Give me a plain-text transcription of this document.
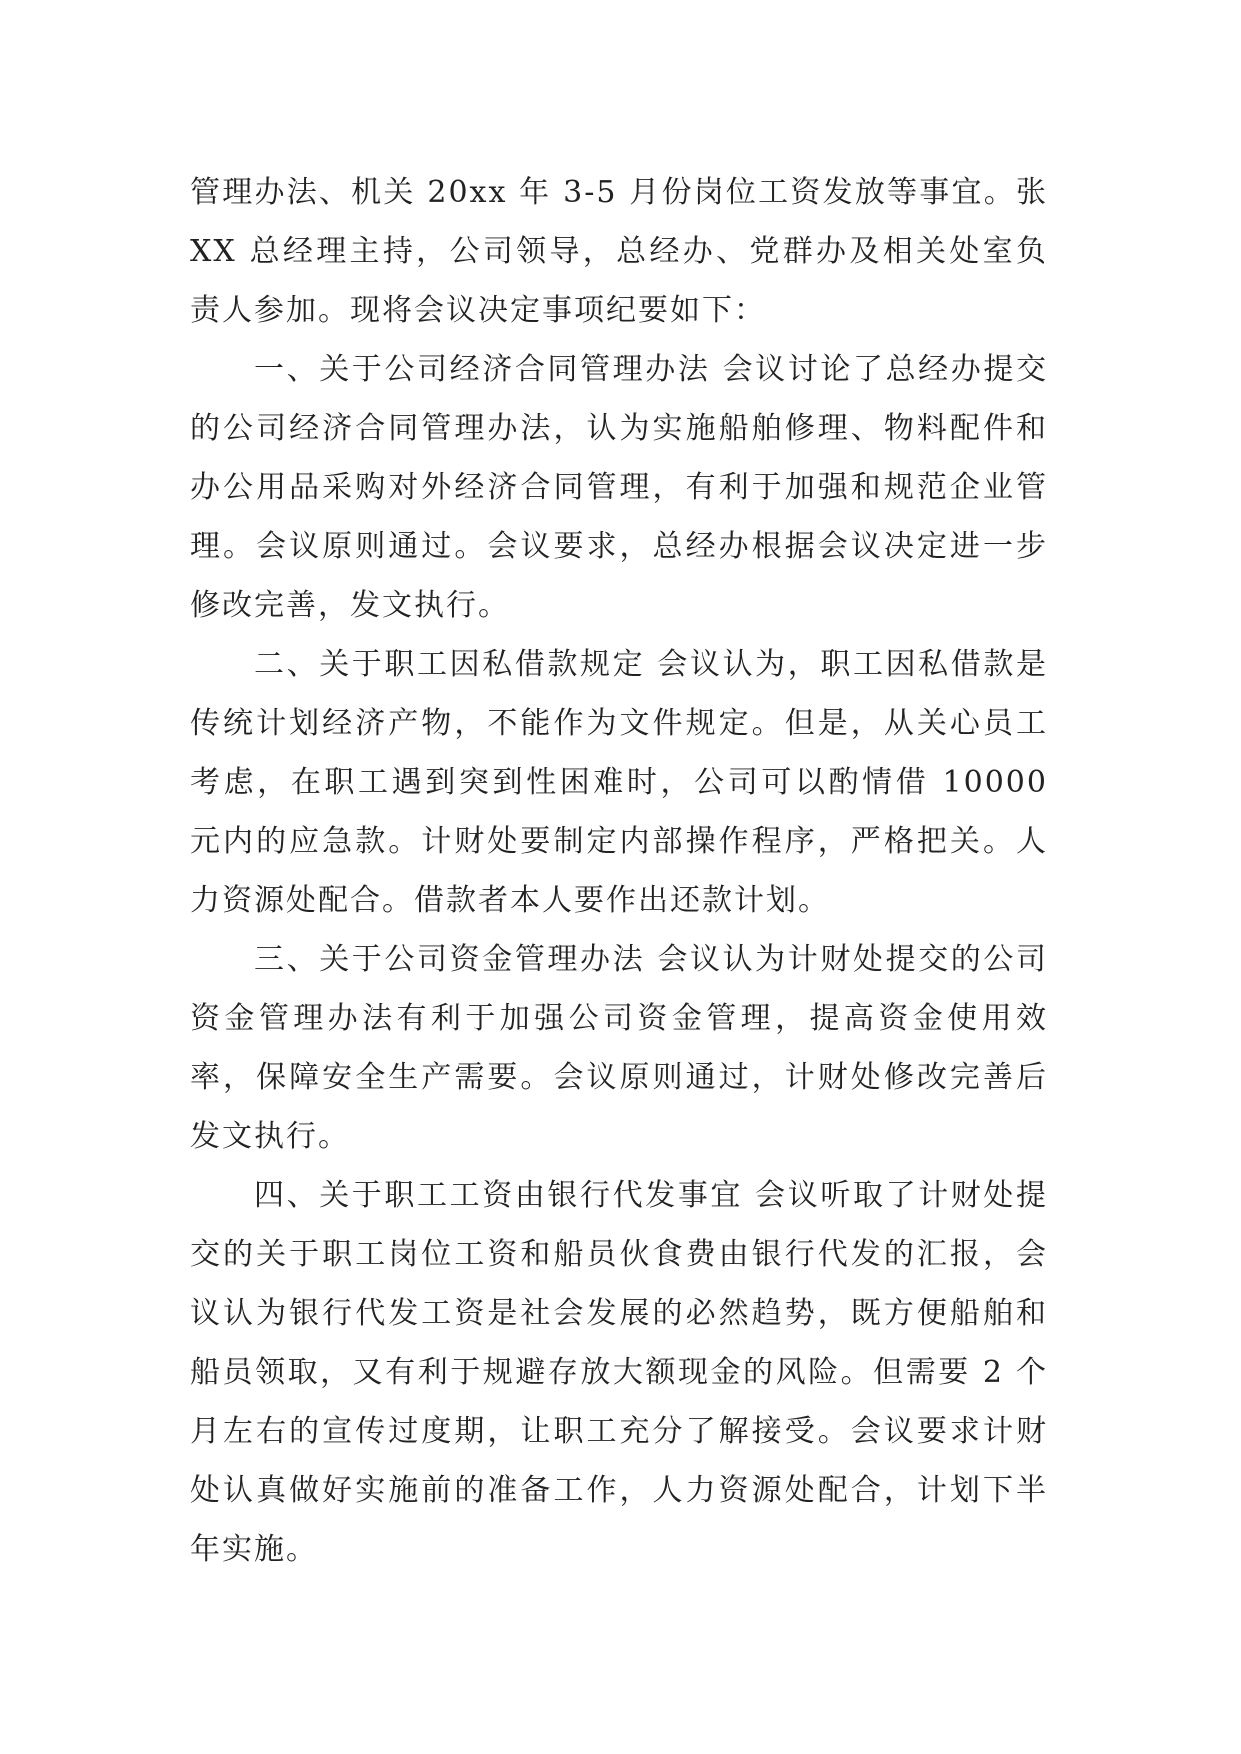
管理办法、机关 20xx 年 3-5 月份岗位工资发放等事宜。张 XX 总经理主持，公司领导，总经办、党群办及相关处室负责人参加。现将会议决定事项纪要如下：

一、关于公司经济合同管理办法 会议讨论了总经办提交的公司经济合同管理办法，认为实施船舶修理、物料配件和办公用品采购对外经济合同管理，有利于加强和规范企业管理。会议原则通过。会议要求，总经办根据会议决定进一步修改完善，发文执行。

二、关于职工因私借款规定 会议认为，职工因私借款是传统计划经济产物，不能作为文件规定。但是，从关心员工考虑，在职工遇到突到性困难时，公司可以酌情借 10000 元内的应急款。计财处要制定内部操作程序，严格把关。人力资源处配合。借款者本人要作出还款计划。

三、关于公司资金管理办法 会议认为计财处提交的公司资金管理办法有利于加强公司资金管理，提高资金使用效率，保障安全生产需要。会议原则通过，计财处修改完善后发文执行。

四、关于职工工资由银行代发事宜 会议听取了计财处提交的关于职工岗位工资和船员伙食费由银行代发的汇报，会议认为银行代发工资是社会发展的必然趋势，既方便船舶和船员领取，又有利于规避存放大额现金的风险。但需要 2 个月左右的宣传过度期，让职工充分了解接受。会议要求计财处认真做好实施前的准备工作，人力资源处配合，计划下半年实施。
